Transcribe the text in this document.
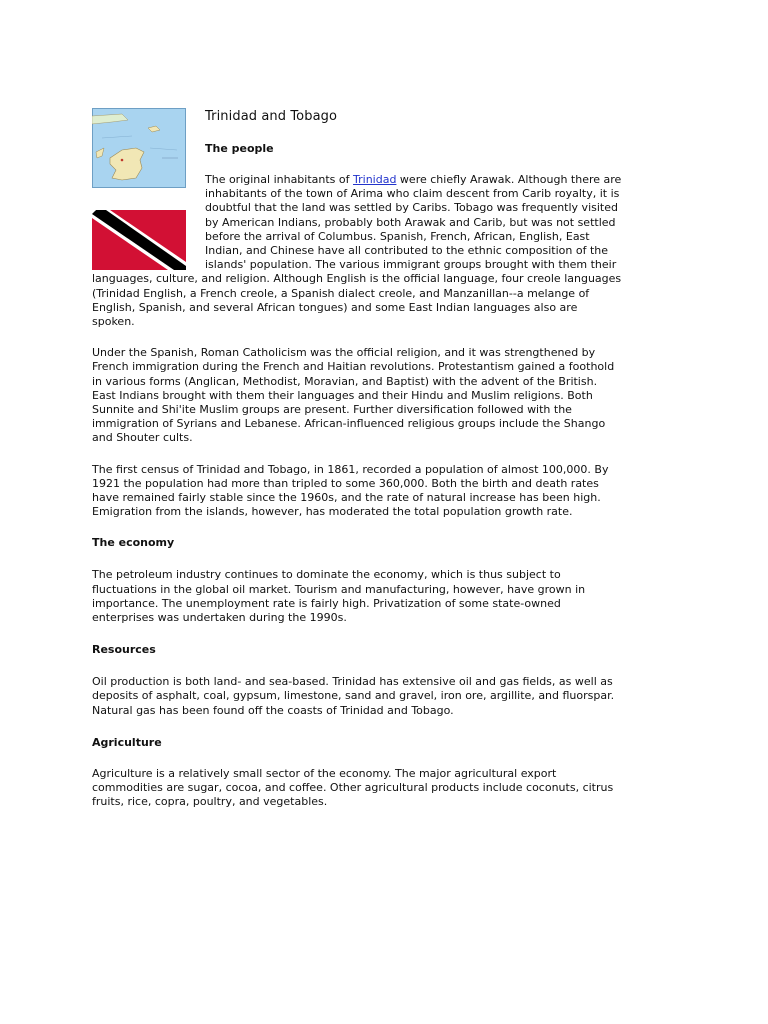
Trinidad and Tobago
The people

The original inhabitants of Trinidad were chiefly Arawak. Although there are inhabitants of the town of Arima who claim descent from Carib royalty, it is doubtful that the land was settled by Caribs. Tobago was frequently visited by American Indians, probably both Arawak and Carib, but was not settled before the arrival of Columbus. Spanish, French, African, English, East Indian, and Chinese have all contributed to the ethnic composition of the islands' population. The various immigrant groups brought with them their languages, culture, and religion. Although English is the official language, four creole languages (Trinidad English, a French creole, a Spanish dialect creole, and Manzanillan--a melange of English, Spanish, and several African tongues) and some East Indian languages also are spoken.

Under the Spanish, Roman Catholicism was the official religion, and it was strengthened by French immigration during the French and Haitian revolutions. Protestantism gained a foothold in various forms (Anglican, Methodist, Moravian, and Baptist) with the advent of the British. East Indians brought with them their languages and their Hindu and Muslim religions. Both Sunnite and Shi'ite Muslim groups are present. Further diversification followed with the immigration of Syrians and Lebanese. African-influenced religious groups include the Shango and Shouter cults.

The first census of Trinidad and Tobago, in 1861, recorded a population of almost 100,000. By 1921 the population had more than tripled to some 360,000. Both the birth and death rates have remained fairly stable since the 1960s, and the rate of natural increase has been high. Emigration from the islands, however, has moderated the total population growth rate.

The economy

The petroleum industry continues to dominate the economy, which is thus subject to fluctuations in the global oil market. Tourism and manufacturing, however, have grown in importance. The unemployment rate is fairly high. Privatization of some state-owned enterprises was undertaken during the 1990s.

Resources

Oil production is both land- and sea-based. Trinidad has extensive oil and gas fields, as well as deposits of asphalt, coal, gypsum, limestone, sand and gravel, iron ore, argillite, and fluorspar. Natural gas has been found off the coasts of Trinidad and Tobago.

Agriculture

Agriculture is a relatively small sector of the economy. The major agricultural export commodities are sugar, cocoa, and coffee. Other agricultural products include coconuts, citrus fruits, rice, copra, poultry, and vegetables.
